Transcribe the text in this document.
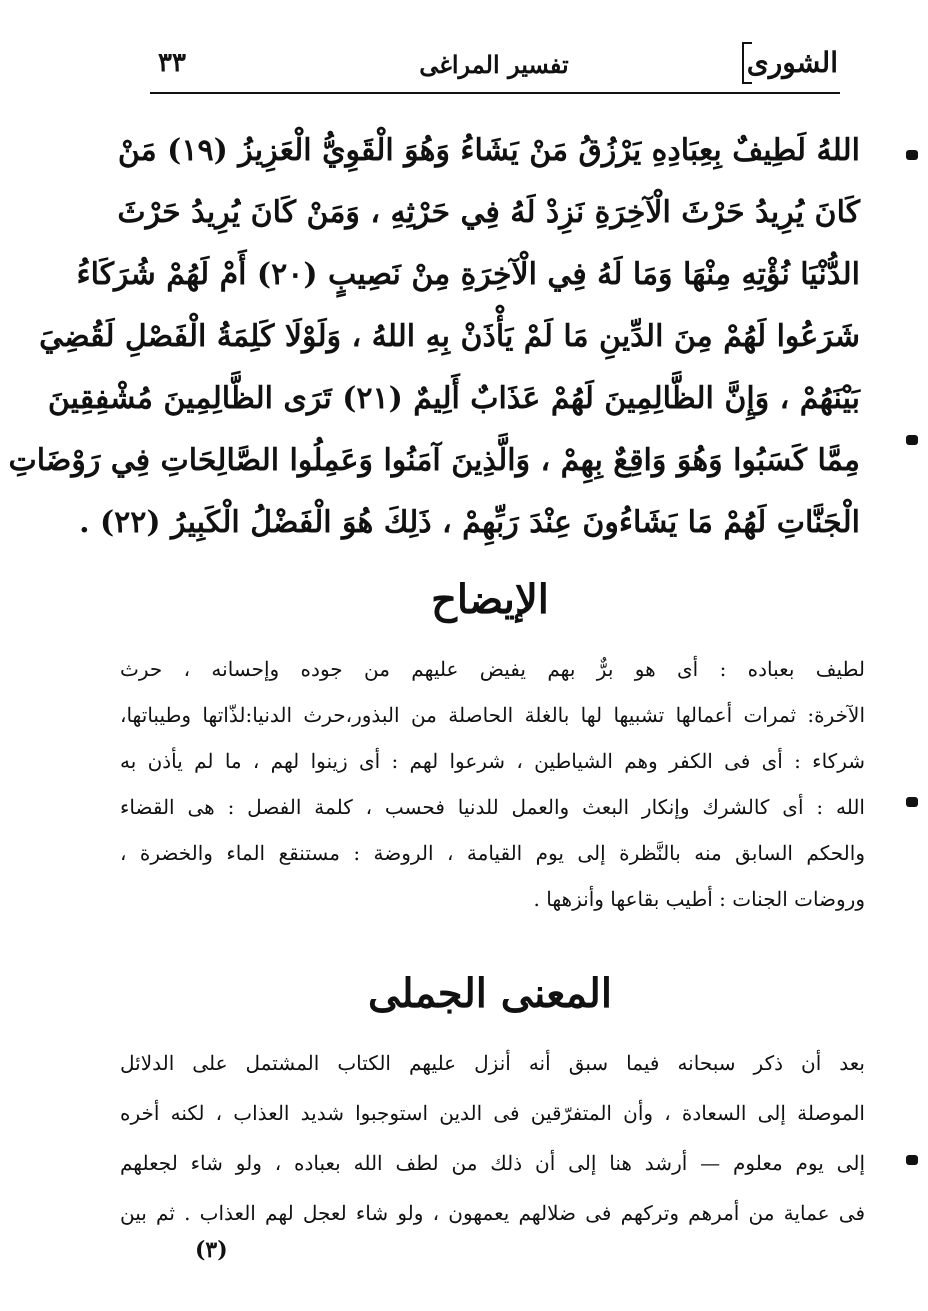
الشورى
تفسير المراغى
٣٣
اللهُ لَطِيفٌ بِعِبَادِهِ يَرْزُقُ مَنْ يَشَاءُ وَهُوَ الْقَوِيُّ الْعَزِيزُ (١٩) مَنْ
كَانَ يُرِيدُ حَرْثَ الْآخِرَةِ نَزِدْ لَهُ فِي حَرْثِهِ ، وَمَنْ كَانَ يُرِيدُ حَرْثَ
الدُّنْيَا نُؤْتِهِ مِنْهَا وَمَا لَهُ فِي الْآخِرَةِ مِنْ نَصِيبٍ (٢٠) أَمْ لَهُمْ شُرَكَاءُ
شَرَعُوا لَهُمْ مِنَ الدِّينِ مَا لَمْ يَأْذَنْ بِهِ اللهُ ، وَلَوْلَا كَلِمَةُ الْفَصْلِ لَقُضِيَ
بَيْنَهُمْ ، وَإِنَّ الظَّالِمِينَ لَهُمْ عَذَابٌ أَلِيمٌ (٢١) تَرَى الظَّالِمِينَ مُشْفِقِينَ
مِمَّا كَسَبُوا وَهُوَ وَاقِعٌ بِهِمْ ، وَالَّذِينَ آمَنُوا وَعَمِلُوا الصَّالِحَاتِ فِي رَوْضَاتِ
الْجَنَّاتِ لَهُمْ مَا يَشَاءُونَ عِنْدَ رَبِّهِمْ ، ذَلِكَ هُوَ الْفَضْلُ الْكَبِيرُ (٢٢) .
الإيضاح
لطيف بعباده : أى هو برٌّ بهم يفيض عليهم من جوده وإحسانه ، حرث
الآخرة: ثمرات أعمالها تشبيها لها بالغلة الحاصلة من البذور،حرث الدنيا:لذّاتها وطيباتها،
شركاء : أى فى الكفر وهم الشياطين ، شرعوا لهم : أى زينوا لهم ، ما لم يأذن به
الله : أى كالشرك وإنكار البعث والعمل للدنيا فحسب ، كلمة الفصل : هى القضاء
والحكم السابق منه بالنَّظرة إلى يوم القيامة ، الروضة : مستنقع الماء والخضرة ،
وروضات الجنات : أطيب بقاعها وأنزهها .
المعنى الجملى
بعد أن ذكر سبحانه فيما سبق أنه أنزل عليهم الكتاب المشتمل على الدلائل
الموصلة إلى السعادة ، وأن المتفرّقين فى الدين استوجبوا شديد العذاب ، لكنه أخره
إلى يوم معلوم — أرشد هنا إلى أن ذلك من لطف الله بعباده ، ولو شاء لجعلهم
فى عماية من أمرهم وتركهم فى ضلالهم يعمهون ، ولو شاء لعجل لهم العذاب . ثم بين
(٣)
